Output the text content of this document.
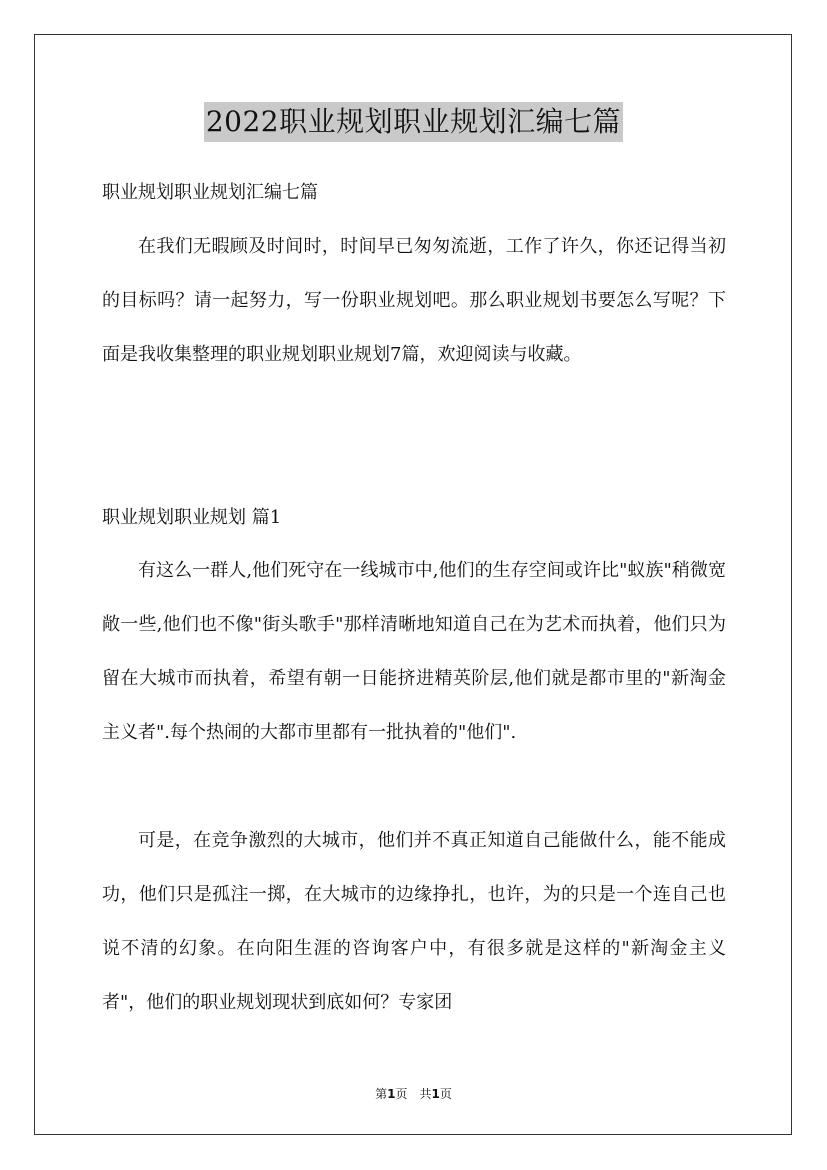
2022职业规划职业规划汇编七篇
职业规划职业规划汇编七篇

在我们无暇顾及时间时，时间早已匆匆流逝，工作了许久，你还记得当初的目标吗？请一起努力，写一份职业规划吧。那么职业规划书要怎么写呢？下面是我收集整理的职业规划职业规划7篇，欢迎阅读与收藏。

职业规划职业规划 篇1

有这么一群人,他们死守在一线城市中,他们的生存空间或许比"蚁族"稍微宽敞一些,他们也不像"街头歌手"那样清晰地知道自己在为艺术而执着，他们只为留在大城市而执着，希望有朝一日能挤进精英阶层,他们就是都市里的"新淘金主义者".每个热闹的大都市里都有一批执着的"他们".

可是，在竞争激烈的大城市，他们并不真正知道自己能做什么，能不能成功，他们只是孤注一掷，在大城市的边缘挣扎，也许，为的只是一个连自己也说不清的幻象。在向阳生涯的咨询客户中，有很多就是这样的"新淘金主义者"，他们的职业规划现状到底如何？专家团

第1页　共1页
